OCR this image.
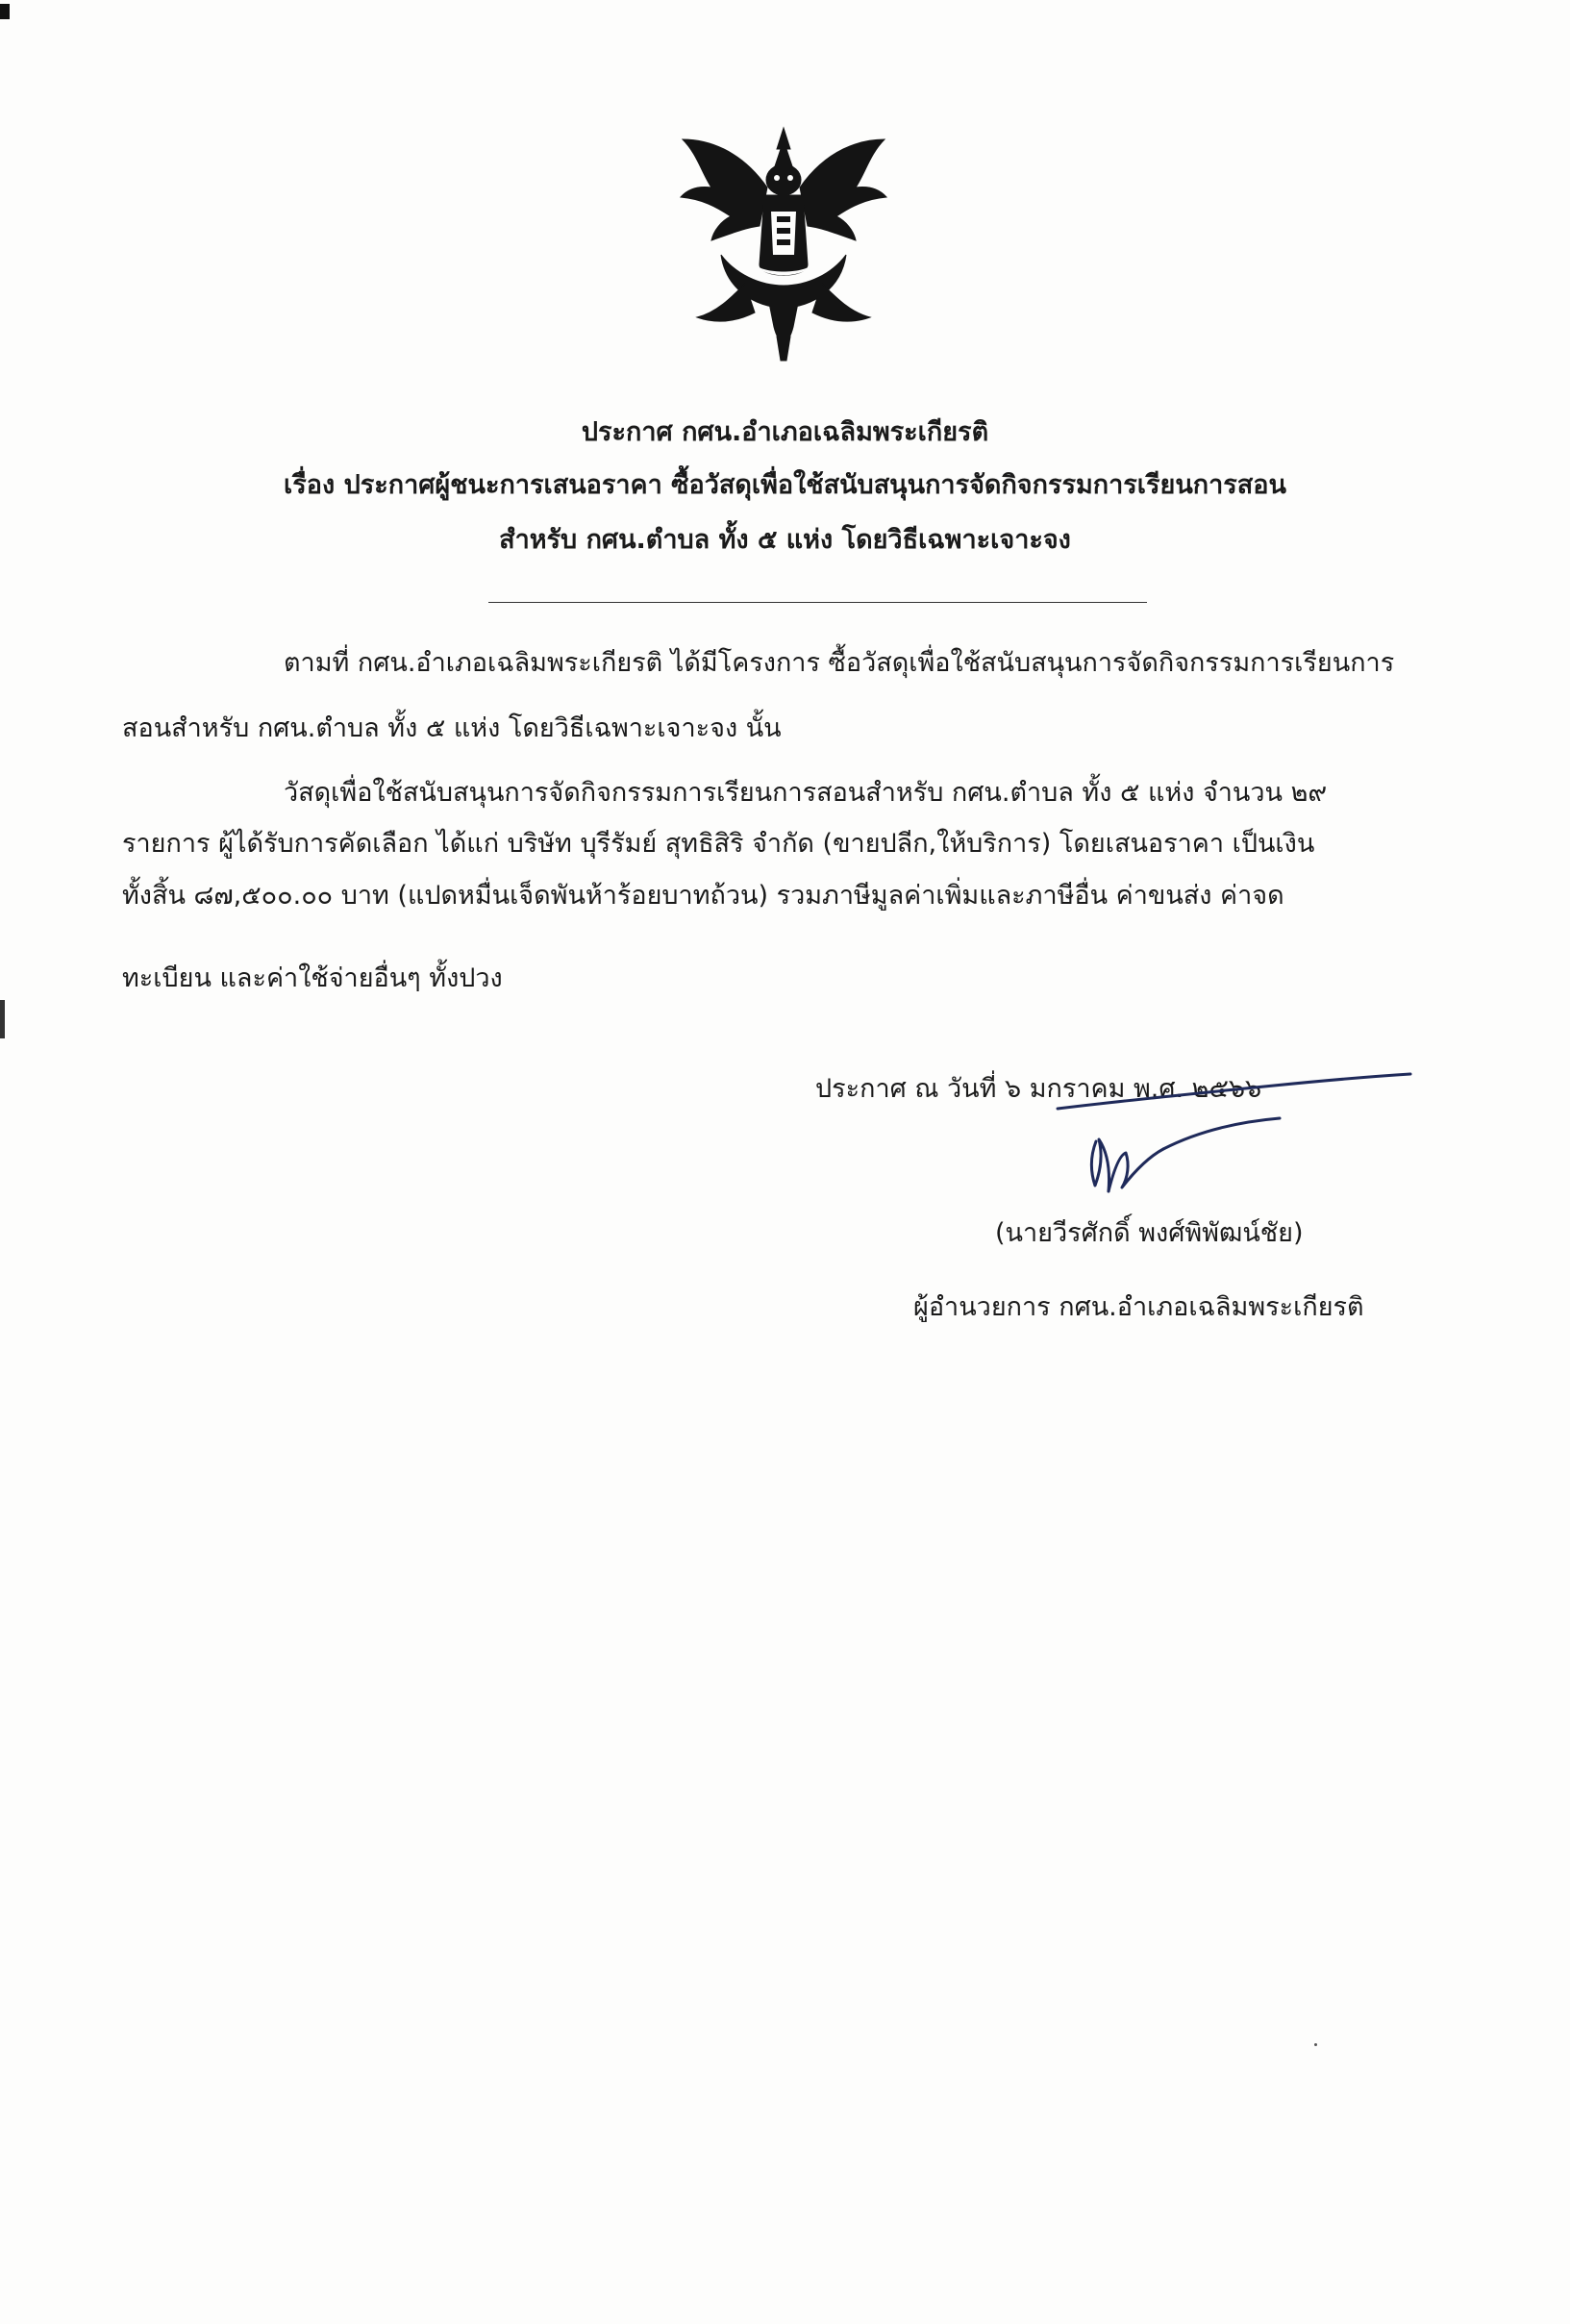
ประกาศ กศน.อำเภอเฉลิมพระเกียรติ
เรื่อง ประกาศผู้ชนะการเสนอราคา ซื้อวัสดุเพื่อใช้สนับสนุนการจัดกิจกรรมการเรียนการสอน
สำหรับ กศน.ตำบล ทั้ง ๕ แห่ง โดยวิธีเฉพาะเจาะจง
ตามที่ กศน.อำเภอเฉลิมพระเกียรติ ได้มีโครงการ ซื้อวัสดุเพื่อใช้สนับสนุนการจัดกิจกรรมการเรียนการ
สอนสำหรับ กศน.ตำบล ทั้ง ๕ แห่ง โดยวิธีเฉพาะเจาะจง นั้น
วัสดุเพื่อใช้สนับสนุนการจัดกิจกรรมการเรียนการสอนสำหรับ กศน.ตำบล ทั้ง ๕ แห่ง จำนวน ๒๙
รายการ ผู้ได้รับการคัดเลือก ได้แก่ บริษัท บุรีรัมย์ สุทธิสิริ จำกัด (ขายปลีก,ให้บริการ) โดยเสนอราคา เป็นเงิน
ทั้งสิ้น ๘๗,๕๐๐.๐๐ บาท (แปดหมื่นเจ็ดพันห้าร้อยบาทถ้วน) รวมภาษีมูลค่าเพิ่มและภาษีอื่น ค่าขนส่ง ค่าจด
ทะเบียน และค่าใช้จ่ายอื่นๆ ทั้งปวง
ประกาศ ณ วันที่ ๖ มกราคม พ.ศ. ๒๕๖๖
(นายวีรศักดิ์ พงศ์พิพัฒน์ชัย)
ผู้อำนวยการ กศน.อำเภอเฉลิมพระเกียรติ
